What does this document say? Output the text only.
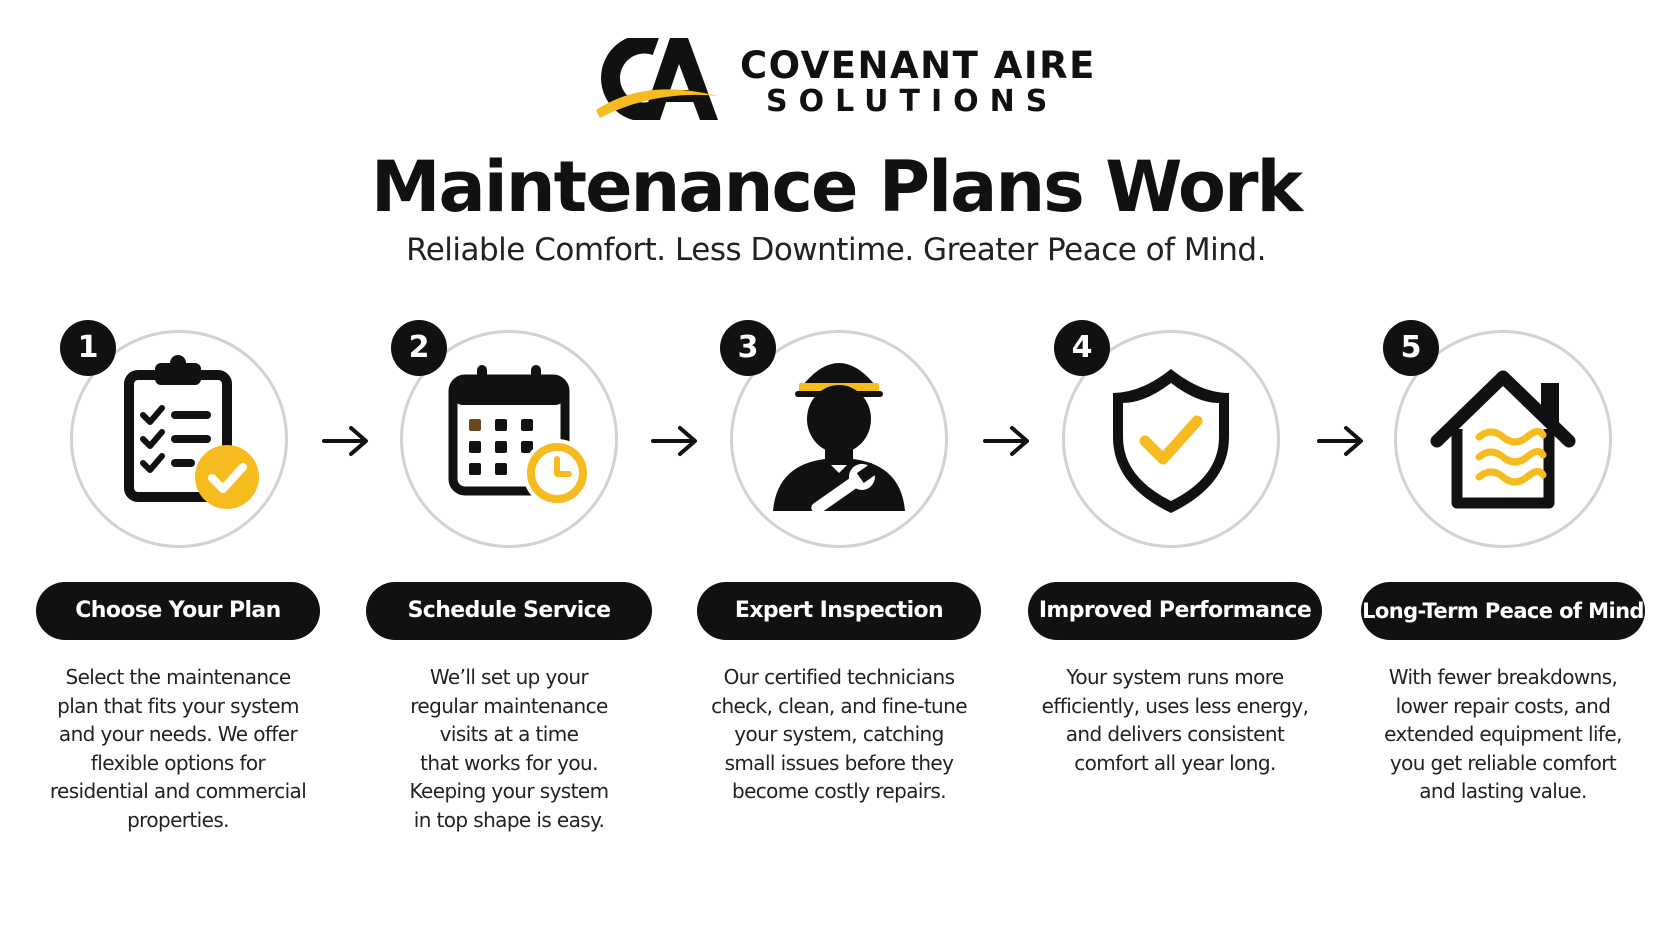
COVENANT AIRE
SOLUTIONS
Maintenance Plans Work
Reliable Comfort. Less Downtime. Greater Peace of Mind.
1
Choose Your Plan
Select the maintenance
plan that fits your system
and your needs. We offer
flexible options for
residential and commercial
properties.
2
Schedule Service
We’ll set up your
regular maintenance
visits at a time
that works for you.
Keeping your system
in top shape is easy.
3
Expert Inspection
Our certified technicians
check, clean, and fine-tune
your system, catching
small issues before they
become costly repairs.
4
Improved Performance
Your system runs more
efficiently, uses less energy,
and delivers consistent
comfort all year long.
5
Long-Term Peace of Mind
With fewer breakdowns,
lower repair costs, and
extended equipment life,
you get reliable comfort
and lasting value.
